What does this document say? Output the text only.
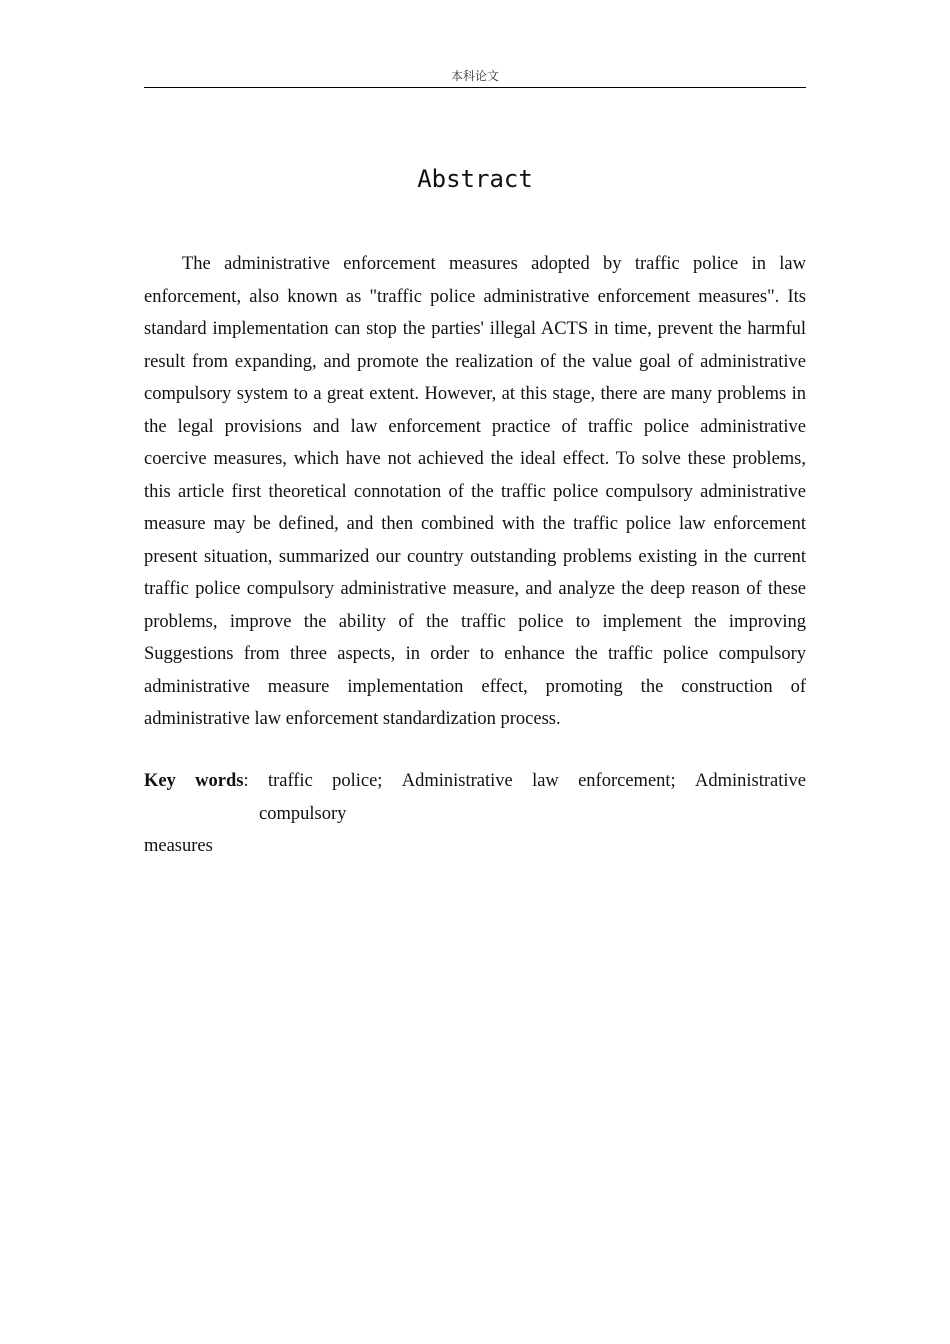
本科论文
Abstract

The administrative enforcement measures adopted by traffic police in law enforcement, also known as "traffic police administrative enforcement measures". Its standard implementation can stop the parties' illegal ACTS in time, prevent the harmful result from expanding, and promote the realization of the value goal of administrative compulsory system to a great extent. However, at this stage, there are many problems in the legal provisions and law enforcement practice of traffic police administrative coercive measures, which have not achieved the ideal effect. To solve these problems, this article first theoretical connotation of the traffic police compulsory administrative measure may be defined, and then combined with the traffic police law enforcement present situation, summarized our country outstanding problems existing in the current traffic police compulsory administrative measure, and analyze the deep reason of these problems, improve the ability of the traffic police to implement the improving Suggestions from three aspects, in order to enhance the traffic police compulsory administrative measure implementation effect, promoting the construction of administrative law enforcement standardization process.

Key words: traffic police; Administrative law enforcement; Administrative
compulsory
measures
